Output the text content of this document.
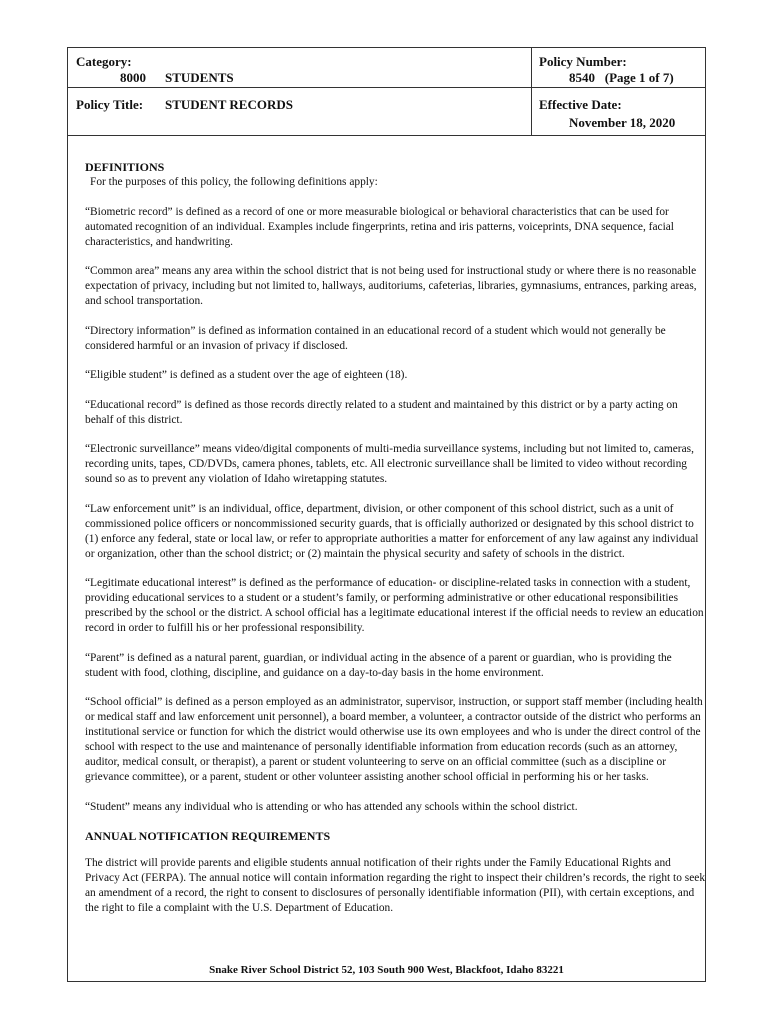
Category:
8000 STUDENTS
Policy Number:
8540   (Page 1 of 7)
Policy Title: STUDENT RECORDS	Effective Date:
November 18, 2020
DEFINITIONS

For the purposes of this policy, the following definitions apply:

“Biometric record” is defined as a record of one or more measurable biological or behavioral characteristics that can be used for automated recognition of an individual. Examples include fingerprints, retina and iris patterns, voiceprints, DNA sequence, facial characteristics, and handwriting.

“Common area” means any area within the school district that is not being used for instructional study or where there is no reasonable expectation of privacy, including but not limited to, hallways, auditoriums, cafeterias, libraries, gymnasiums, entrances, parking areas, and school transportation.

“Directory information” is defined as information contained in an educational record of a student which would not generally be considered harmful or an invasion of privacy if disclosed.

“Eligible student” is defined as a student over the age of eighteen (18).

“Educational record” is defined as those records directly related to a student and maintained by this district or by a party acting on behalf of this district.

“Electronic surveillance” means video/digital components of multi-media surveillance systems, including but not limited to, cameras, recording units, tapes, CD/DVDs, camera phones, tablets, etc. All electronic surveillance shall be limited to video without recording sound so as to prevent any violation of Idaho wiretapping statutes.

“Law enforcement unit” is an individual, office, department, division, or other component of this school district, such as a unit of commissioned police officers or noncommissioned security guards, that is officially authorized or designated by this school district to (1) enforce any federal, state or local law, or refer to appropriate authorities a matter for enforcement of any law against any individual or organization, other than the school district; or (2) maintain the physical security and safety of schools in the district.

“Legitimate educational interest” is defined as the performance of education- or discipline-related tasks in connection with a student, providing educational services to a student or a student’s family, or performing administrative or other educational responsibilities prescribed by the school or the district. A school official has a legitimate educational interest if the official needs to review an education record in order to fulfill his or her professional responsibility.

“Parent” is defined as a natural parent, guardian, or individual acting in the absence of a parent or guardian, who is providing the student with food, clothing, discipline, and guidance on a day-to-day basis in the home environment.

“School official” is defined as a person employed as an administrator, supervisor, instruction, or support staff member (including health or medical staff and law enforcement unit personnel), a board member, a volunteer, a contractor outside of the district who performs an institutional service or function for which the district would otherwise use its own employees and who is under the direct control of the school with respect to the use and maintenance of personally identifiable information from education records (such as an attorney, auditor, medical consult, or therapist), a parent or student volunteering to serve on an official committee (such as a discipline or grievance committee), or a parent, student or other volunteer assisting another school official in performing his or her tasks.

“Student” means any individual who is attending or who has attended any schools within the school district.

ANNUAL NOTIFICATION REQUIREMENTS

The district will provide parents and eligible students annual notification of their rights under the Family Educational Rights and Privacy Act (FERPA). The annual notice will contain information regarding the right to inspect their children’s records, the right to seek an amendment of a record, the right to consent to disclosures of personally identifiable information (PII), with certain exceptions, and the right to file a complaint with the U.S. Department of Education.

Snake River School District 52, 103 South 900 West, Blackfoot, Idaho 83221
